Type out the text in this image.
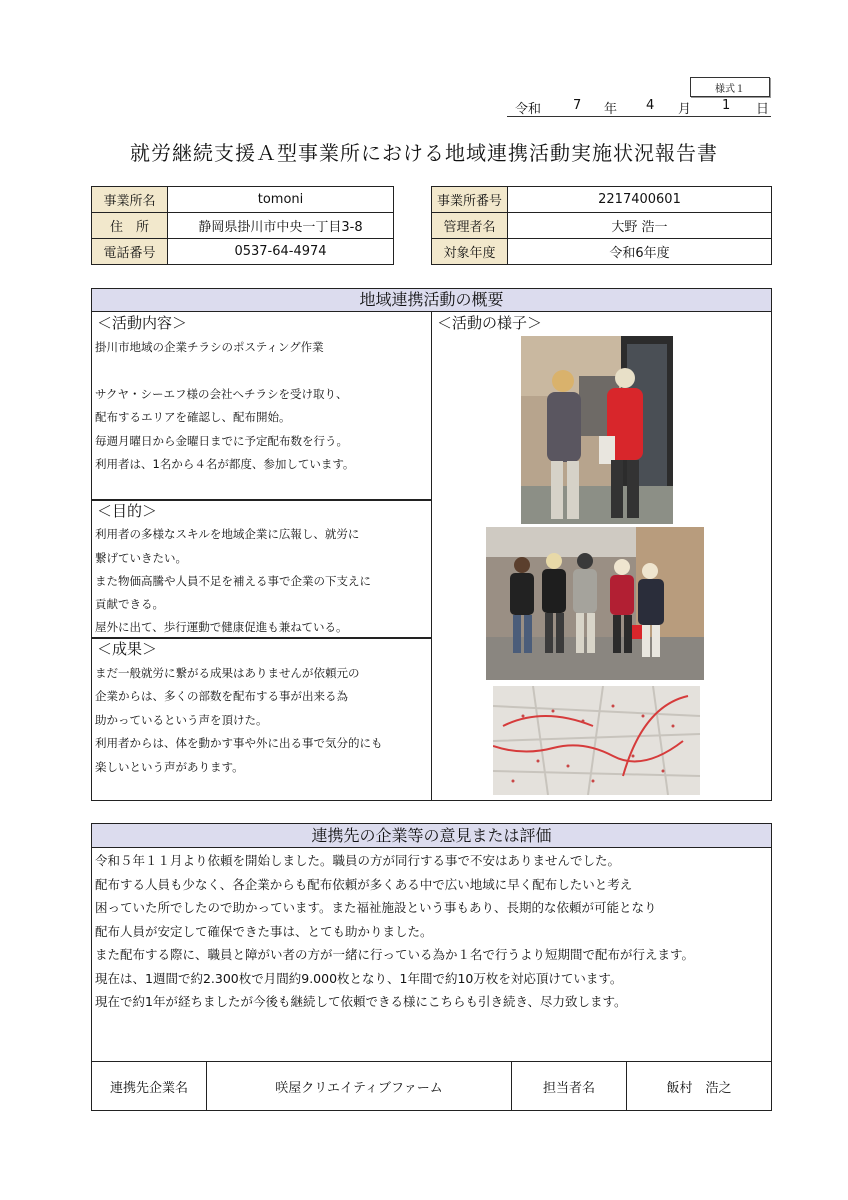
様式１
令和 7 年 4 月 1 日
就労継続支援Ａ型事業所における地域連携活動実施状況報告書
事業所名	tomoni
住　所	静岡県掛川市中央一丁目3-8
電話番号	0537-64-4974
事業所番号	2217400601
管理者名	大野 浩一
対象年度	令和6年度
地域連携活動の概要
＜活動内容＞
掛川市地域の企業チラシのポスティング作業
サクヤ・シーエフ様の会社へチラシを受け取り、
配布するエリアを確認し、配布開始。
毎週月曜日から金曜日までに予定配布数を行う。
利用者は、1名から４名が都度、参加しています。
＜目的＞
利用者の多様なスキルを地域企業に広報し、就労に
繋げていきたい。
また物価高騰や人員不足を補える事で企業の下支えに
貢献できる。
屋外に出て、歩行運動で健康促進も兼ねている。
＜成果＞
まだ一般就労に繋がる成果はありませんが依頼元の
企業からは、多くの部数を配布する事が出来る為
助かっているという声を頂けた。
利用者からは、体を動かす事や外に出る事で気分的にも
楽しいという声があります。
＜活動の様子＞
連携先の企業等の意見または評価
令和５年１１月より依頼を開始しました。職員の方が同行する事で不安はありませんでした。
配布する人員も少なく、各企業からも配布依頼が多くある中で広い地域に早く配布したいと考え
困っていた所でしたので助かっています。また福祉施設という事もあり、長期的な依頼が可能となり
配布人員が安定して確保できた事は、とても助かりました。
また配布する際に、職員と障がい者の方が一緒に行っている為か１名で行うより短期間で配布が行えます。
現在は、1週間で約2.300枚で月間約9.000枚となり、1年間で約10万枚を対応頂けています。
現在で約1年が経ちましたが今後も継続して依頼できる様にこちらも引き続き、尽力致します。
連携先企業名	咲屋クリエイティブファーム	担当者名	飯村　浩之
